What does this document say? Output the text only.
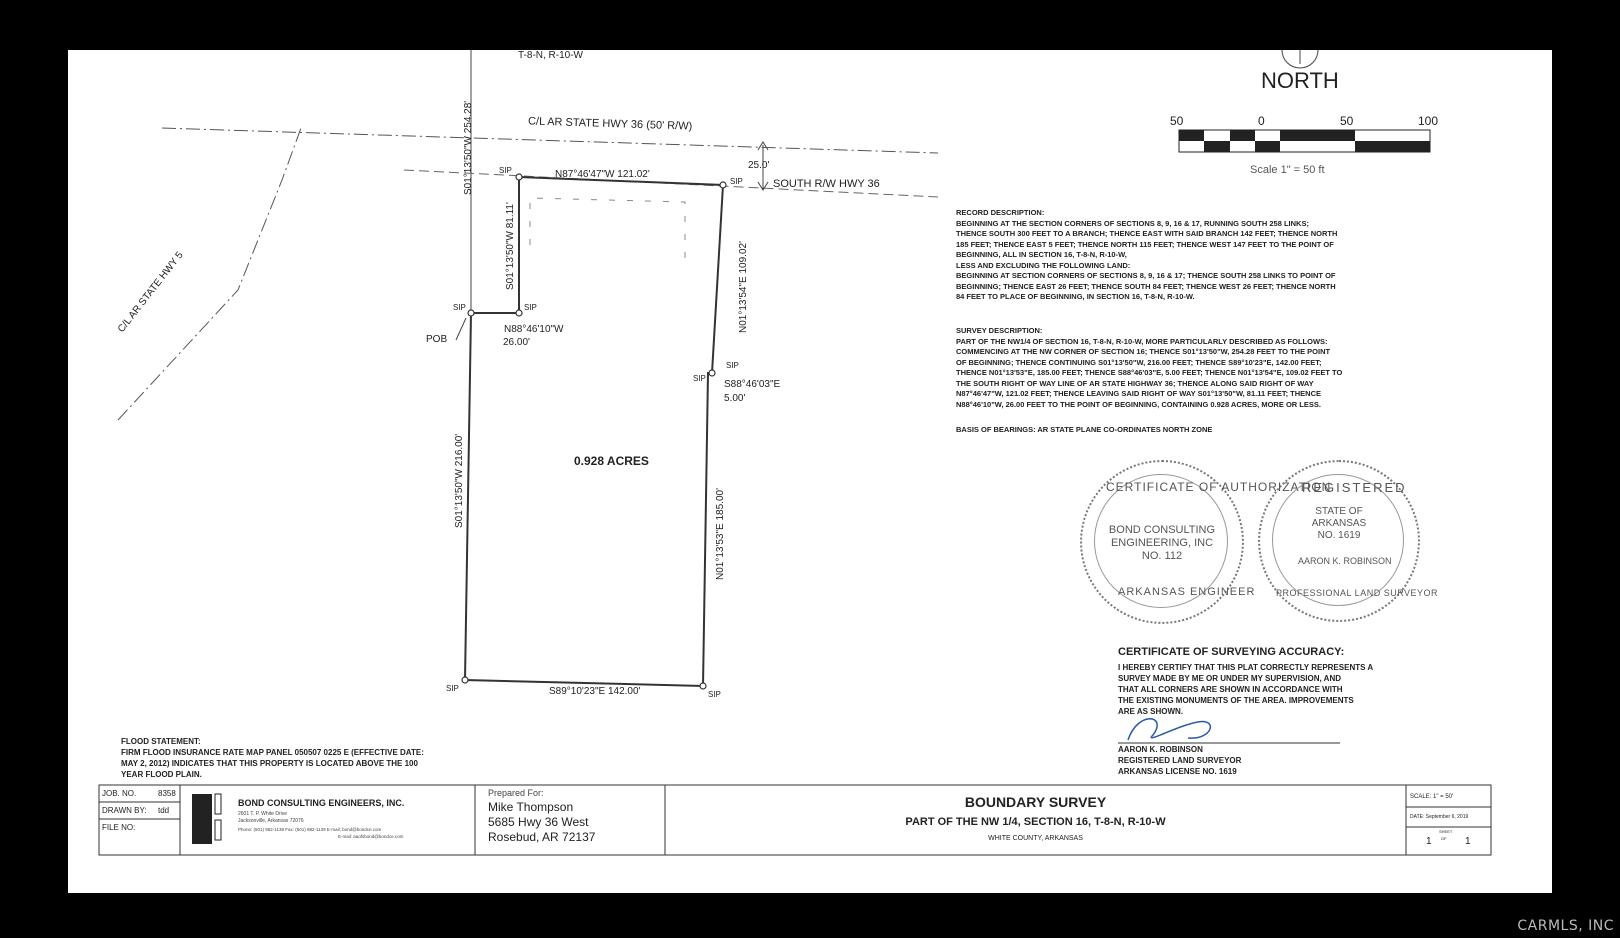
T-8-N, R-10-W
NORTH
50	0	50	100
Scale 1" = 50 ft
C/L AR STATE HWY 36 (50' R/W)
C/L AR STATE HWY 5
SOUTH R/W HWY 36
25.0'
S01°13'50"W 254.28'	N87°46'47"W 121.02'
S01°13'50"W 81.11'	N01°13'54"E 109.02'
N88°46'10"W
26.00'
POB
S88°46'03"E
5.00'
0.928 ACRES
S01°13'50"W 216.00'
N01°13'53"E 185.00'
S89°10'23"E 142.00'
SIP
SIP
SIP	SIP
SIP
SIP
SIP
SIP
RECORD DESCRIPTION:
BEGINNING AT THE SECTION CORNERS OF SECTIONS 8, 9, 16 & 17, RUNNING SOUTH 258 LINKS;
THENCE SOUTH 300 FEET TO A BRANCH; THENCE EAST WITH SAID BRANCH 142 FEET; THENCE NORTH
185 FEET; THENCE EAST 5 FEET; THENCE NORTH 115 FEET; THENCE WEST 147 FEET TO THE POINT OF
BEGINNING, ALL IN SECTION 16, T-8-N, R-10-W,
LESS AND EXCLUDING THE FOLLOWING LAND:
BEGINNING AT SECTION CORNERS OF SECTIONS 8, 9, 16 & 17; THENCE SOUTH 258 LINKS TO POINT OF
BEGINNING; THENCE EAST 26 FEET; THENCE SOUTH 84 FEET; THENCE WEST 26 FEET; THENCE NORTH
84 FEET TO PLACE OF BEGINNING, IN SECTION 16, T-8-N, R-10-W.
SURVEY DESCRIPTION:
PART OF THE NW1/4 OF SECTION 16, T-8-N, R-10-W, MORE PARTICULARLY DESCRIBED AS FOLLOWS:
COMMENCING AT THE NW CORNER OF SECTION 16; THENCE S01°13'50"W, 254.28 FEET TO THE POINT
OF BEGINNING; THENCE CONTINUING S01°13'50"W, 216.00 FEET; THENCE S89°10'23"E, 142.00 FEET;
THENCE N01°13'53"E, 185.00 FEET; THENCE S88°46'03"E, 5.00 FEET; THENCE N01°13'54"E, 109.02 FEET TO
THE SOUTH RIGHT OF WAY LINE OF AR STATE HIGHWAY 36; THENCE ALONG SAID RIGHT OF WAY
N87°46'47"W, 121.02 FEET; THENCE LEAVING SAID RIGHT OF WAY S01°13'50"W, 81.11 FEET; THENCE
N88°46'10"W, 26.00 FEET TO THE POINT OF BEGINNING, CONTAINING 0.928 ACRES, MORE OR LESS.
BASIS OF BEARINGS: AR STATE PLANE CO-ORDINATES NORTH ZONE
CERTIFICATE OF AUTHORIZATION
BOND CONSULTING
ENGINEERING, INC
NO. 112
ARKANSAS ENGINEER
REGISTERED
STATE OF
ARKANSAS
NO. 1619
AARON K. ROBINSON
PROFESSIONAL LAND SURVEYOR
CERTIFICATE OF SURVEYING ACCURACY:
I HEREBY CERTIFY THAT THIS PLAT CORRECTLY REPRESENTS A
SURVEY MADE BY ME OR UNDER MY SUPERVISION, AND
THAT ALL CORNERS ARE SHOWN IN ACCORDANCE WITH
THE EXISTING MONUMENTS OF THE AREA. IMPROVEMENTS
ARE AS SHOWN.
AARON K. ROBINSON
REGISTERED LAND SURVEYOR
ARKANSAS LICENSE NO. 1619
FLOOD STATEMENT:
FIRM FLOOD INSURANCE RATE MAP PANEL 050507 0225 E (EFFECTIVE DATE:
MAY 2, 2012) INDICATES THAT THIS PROPERTY IS LOCATED ABOVE THE 100
YEAR FLOOD PLAIN.
JOB. NO.	8358
DRAWN BY: tdd
FILE NO:
BOND CONSULTING ENGINEERS, INC.
2601 T. P. White Drive
Jacksonville, Arkansas 72076
Phone: (501) 982-1138 Fax: (501) 982-1139 E-mail: bond@bondce.com
E-mail: aaofsbond@bondce.com
Prepared For:
Mike Thompson
5685 Hwy 36 West
Rosebud, AR 72137
BOUNDARY SURVEY
PART OF THE NW 1/4, SECTION 16, T-8-N, R-10-W
WHITE COUNTY, ARKANSAS
SCALE: 1" = 50'
DATE: September 6, 2019
SHEET
1 OF 1
CARMLS, INC
